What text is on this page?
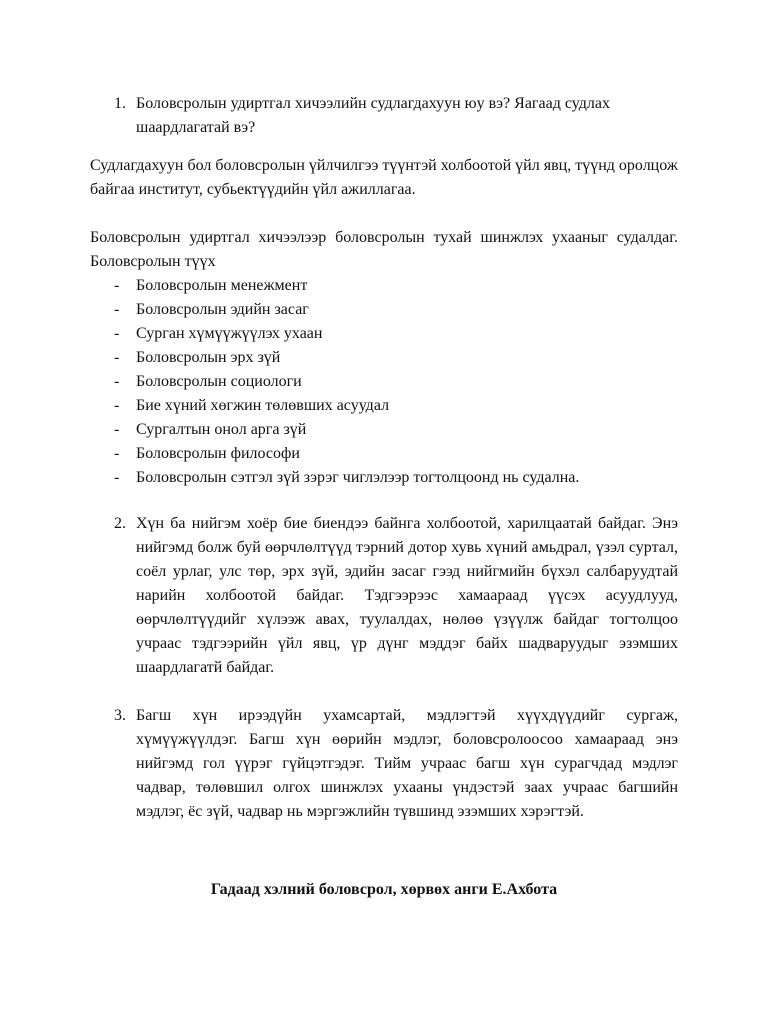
1. Боловсролын удиртгал хичээлийн судлагдахуун юу вэ? Яагаад судлах шаардлагатай вэ?
Судлагдахуун бол боловсролын үйлчилгээ түүнтэй холбоотой үйл явц, түүнд оролцож байгаа институт, субьектүүдийн үйл ажиллагаа.
Боловсролын удиртгал хичээлээр боловсролын тухай шинжлэх ухааныг судалдаг. Боловсролын түүх
- Боловсролын менежмент
- Боловсролын эдийн засаг
- Сурган хүмүүжүүлэх ухаан
- Боловсролын эрх зүй
- Боловсролын социологи
- Бие хүний хөгжин төлөвших асуудал
- Сургалтын онол арга зүй
- Боловсролын философи
- Боловсролын сэтгэл зүй зэрэг чиглэлээр тогтолцоонд нь судална.
2. Хүн ба нийгэм хоёр бие биендээ байнга холбоотой, харилцаатай байдаг. Энэ нийгэмд болж буй өөрчлөлтүүд тэрний дотор хувь хүний амьдрал, үзэл суртал, соёл урлаг, улс төр, эрх зүй, эдийн засаг гээд нийгмийн бүхэл салбаруудтай нарийн холбоотой байдаг. Тэдгээрээс хамаараад үүсэх асуудлууд, өөрчлөлтүүдийг хүлээж авах, туулалдах, нөлөө үзүүлж байдаг тогтолцоо учраас тэдгээрийн үйл явц, үр дүнг мэддэг байх шадваруудыг эзэмших шаардлагатй байдаг.
3. Багш хүн ирээдүйн ухамсартай, мэдлэгтэй хүүхдүүдийг сургаж, хүмүүжүүлдэг. Багш хүн өөрийн мэдлэг, боловсролоосоо хамаараад энэ нийгэмд гол үүрэг гүйцэтгэдэг. Тийм учраас багш хүн сурагчдад мэдлэг чадвар, төлөвшил олгох шинжлэх ухааны үндэстэй заах учраас багшийн мэдлэг, ёс зүй, чадвар нь мэргэжлийн түвшинд эзэмших хэрэгтэй.
Гадаад хэлний боловсрол, хөрвөх анги Е.Ахбота
